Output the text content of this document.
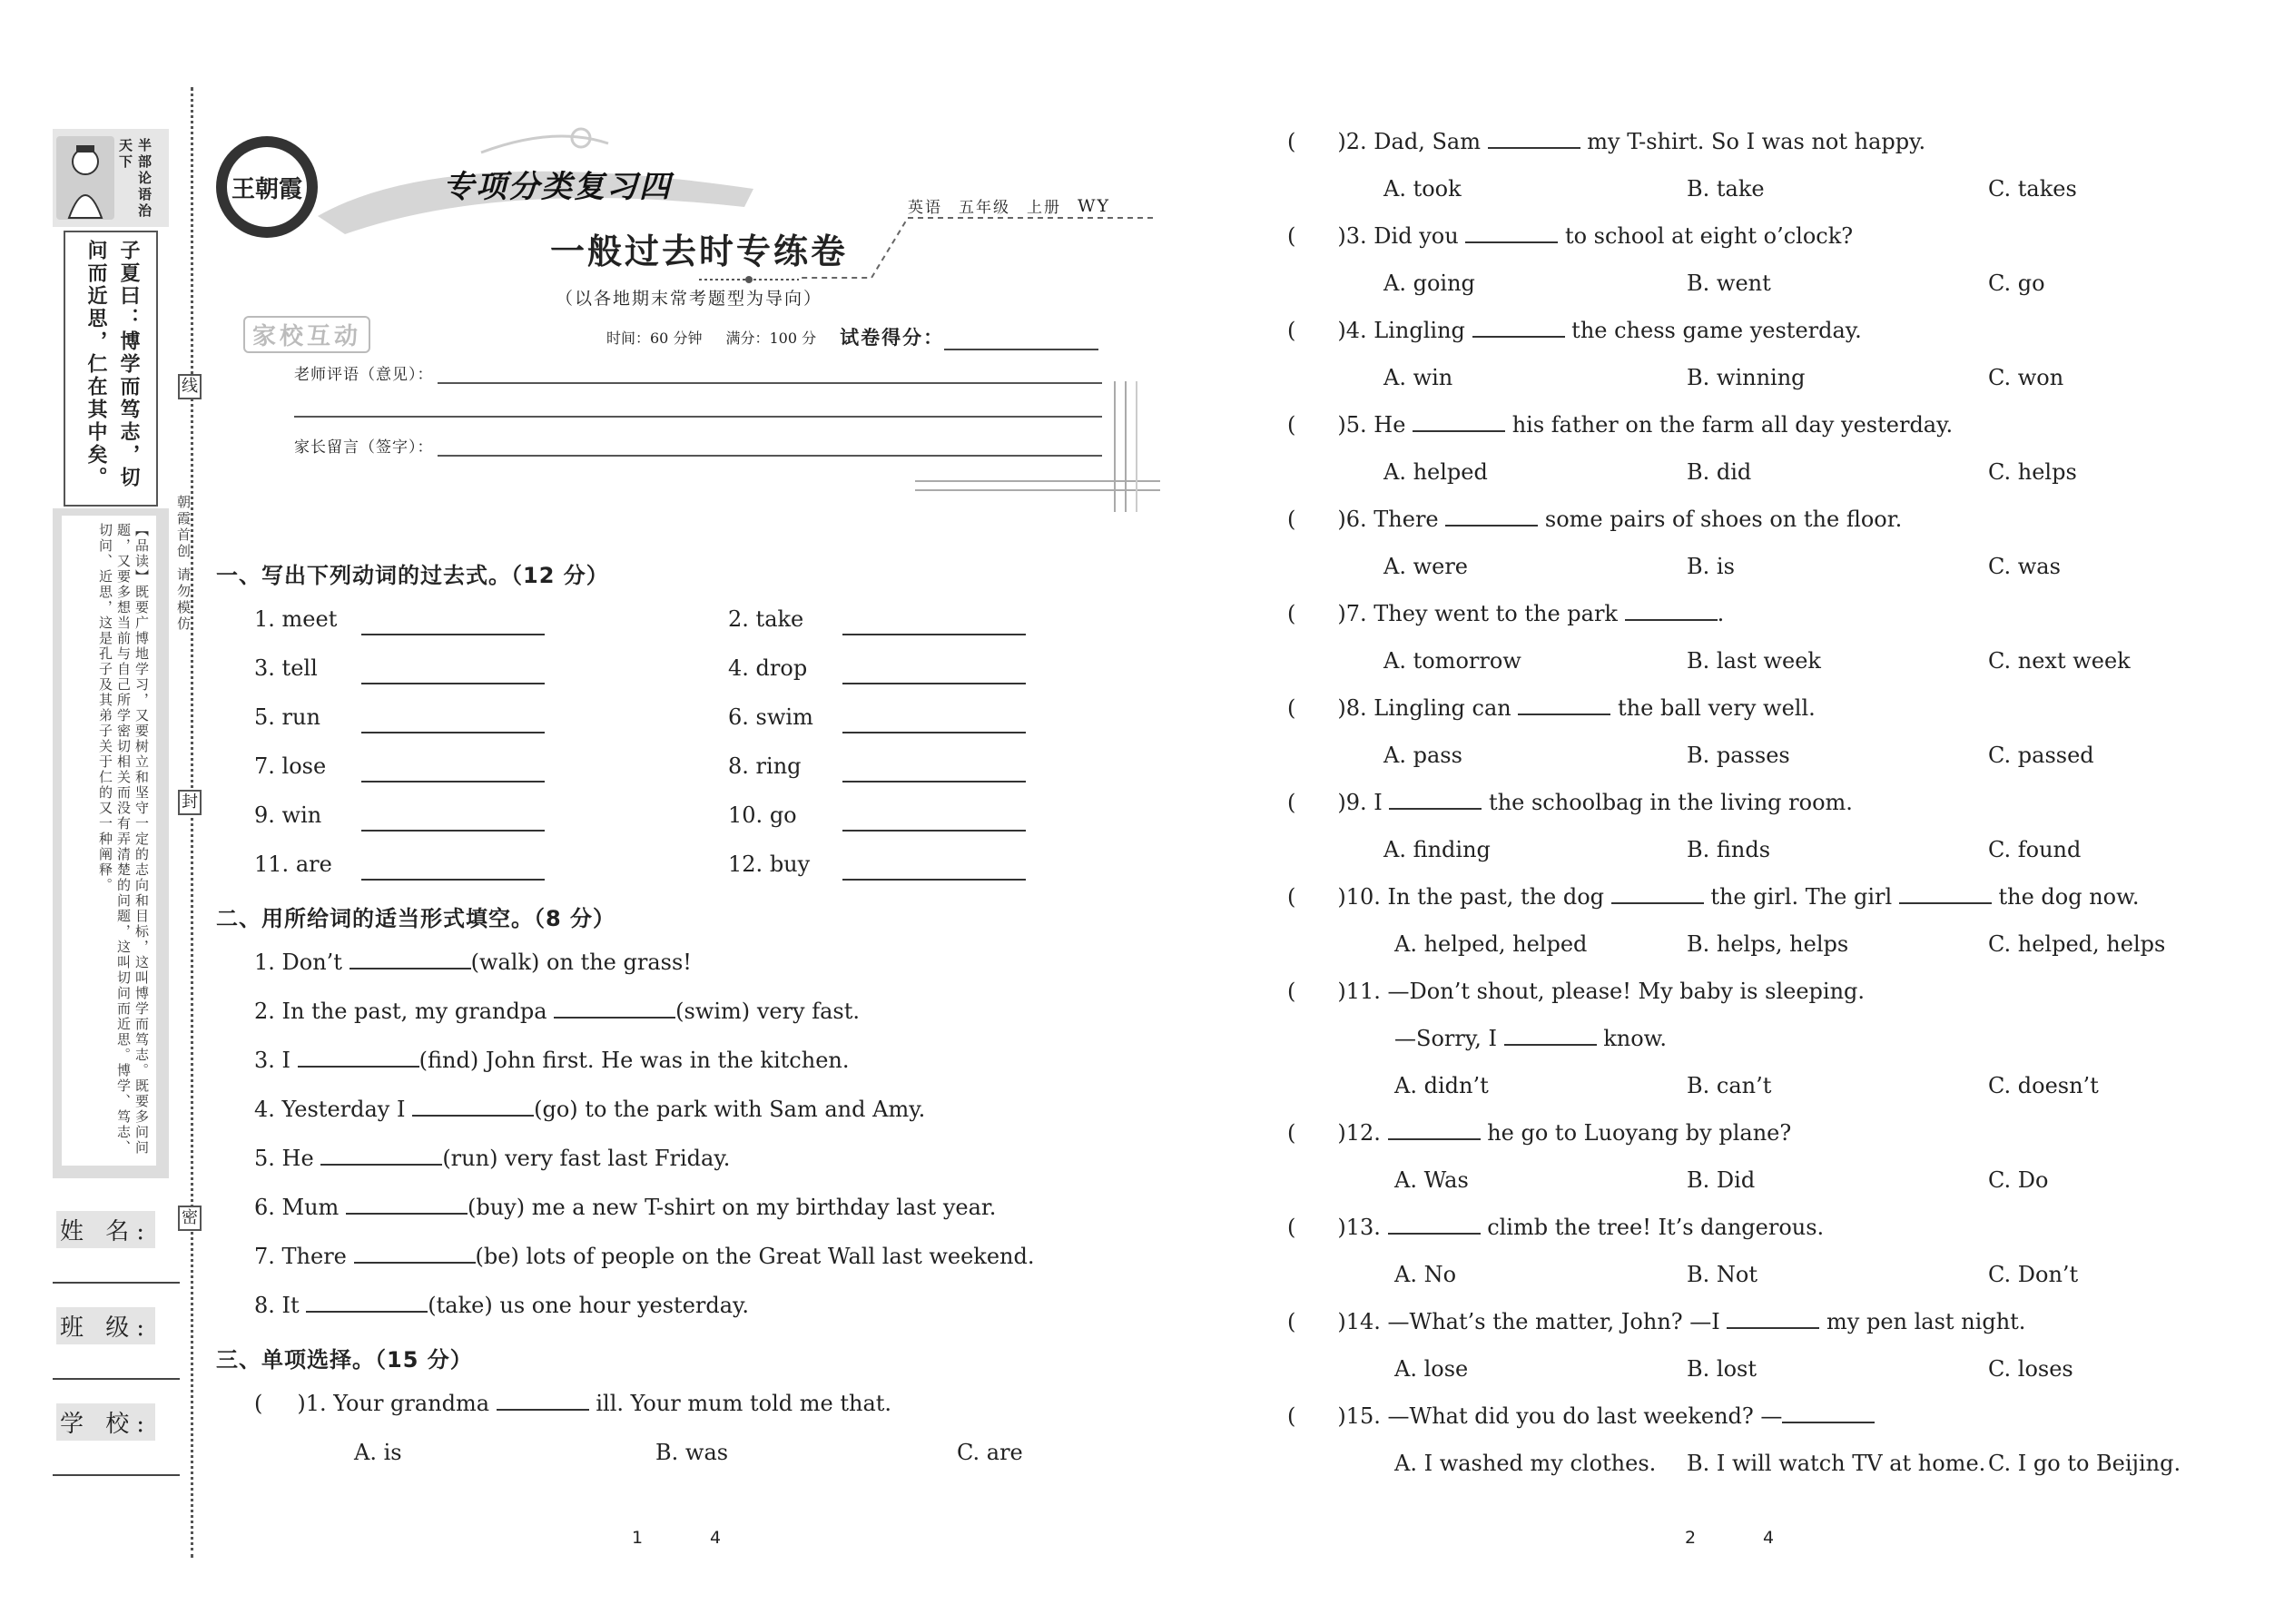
半部论语治天下
子夏曰：博学而笃志，切问而近思，仁在其中矣。
【品读】既要广博地学习，又要树立和坚守一定的志向和目标，这叫博学而笃志。既要多问问题，又要多想当前与自己所学密切相关而没有弄清楚的问题，这叫切问而近思。博学、笃志、切问、近思，这是孔子及其弟子关于仁的又一种阐释。
姓 名:
班 级:
学 校:
线
封
密
朝霞首创 请勿模仿
王朝霞	专项分类复习四
英语 五年级 上册 WY
一般过去时专练卷
（以各地期末常考题型为导向）
家校互动	时间：60 分钟 满分：100 分 试卷得分：
老师评语（意见）：
家长留言（签字）：
一、写出下列动词的过去式。（12 分）
1. meet	2. take
3. tell	4. drop
5. run	6. swim
7. lose	8. ring
9. win	10. go
11. are	12. buy
二、用所给词的适当形式填空。（8 分）
1. Don’t	(walk) on the grass!
2. In the past, my grandpa	(swim) very fast.
3. I	(find) John first. He was in the kitchen.
4. Yesterday I	(go) to the park with Sam and Amy.
5. He	(run) very fast last Friday.
6. Mum	(buy) me a new T-shirt on my birthday last year.
7. There	(be) lots of people on the Great Wall last weekend.
8. It	(take) us one hour yesterday.
三、单项选择。（15 分）
( )1. Your grandma	ill. Your mum told me that.
A. is	B. was	C. are
1	4
( )2. Dad, Sam	my T-shirt. So I was not happy.
A. took	B. take	C. takes
( )3. Did you	to school at eight o’clock?
A. going	B. went	C. go
( )4. Lingling	the chess game yesterday.
A. win	B. winning	C. won
( )5. He	his father on the farm all day yesterday.
A. helped	B. did	C. helps
( )6. There	some pairs of shoes on the floor.
A. were	B. is	C. was
( )7. They went to the park	.
A. tomorrow	B. last week	C. next week
( )8. Lingling can	the ball very well.
A. pass	B. passes	C. passed
( )9. I	the schoolbag in the living room.
A. finding	B. finds	C. found
( )10. In the past, the dog	the girl. The girl	the dog now.
A. helped, helped	B. helps, helps	C. helped, helps
( )11. —Don’t shout, please! My baby is sleeping.
—Sorry, I	know.
A. didn’t	B. can’t	C. doesn’t
( )12.	he go to Luoyang by plane?
A. Was	B. Did	C. Do
( )13.	climb the tree! It’s dangerous.
A. No	B. Not	C. Don’t
( )14. —What’s the matter, John? —I	my pen last night.
A. lose	B. lost	C. loses
( )15. —What did you do last weekend? —
A. I washed my clothes. B. I will watch TV at home. C. I go to Beijing.
2	4
